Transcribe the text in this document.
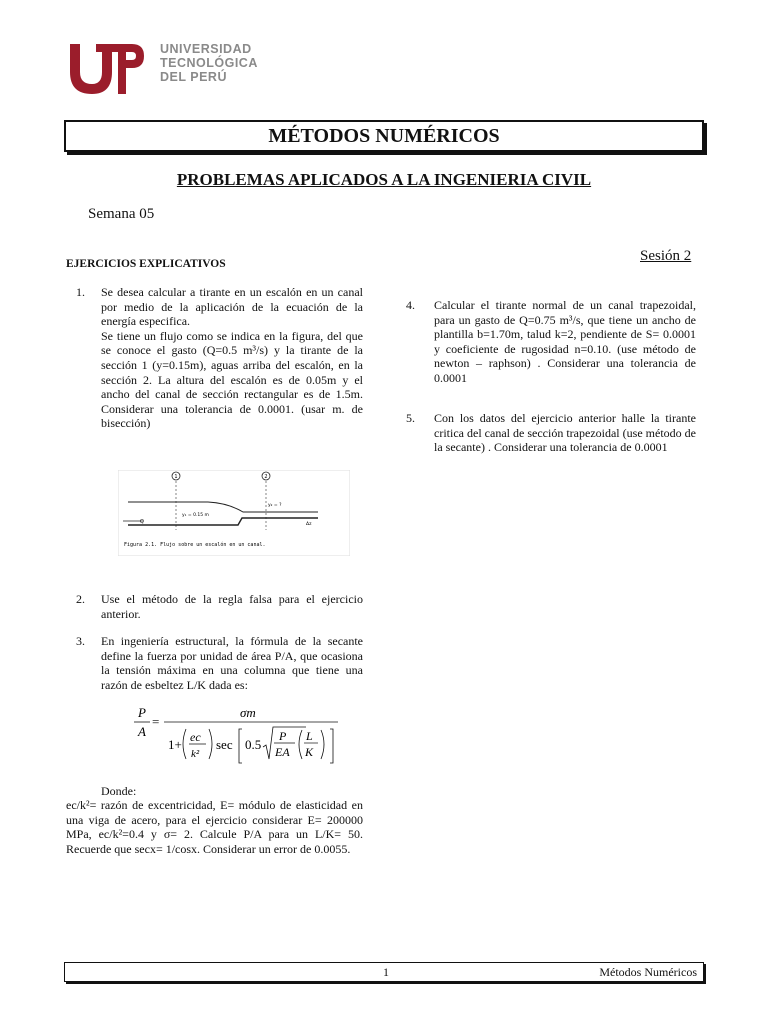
UNIVERSIDAD
TECNOLÓGICA
DEL PERÚ
MÉTODOS NUMÉRICOS
PROBLEMAS APLICADOS A LA INGENIERIA CIVIL
Semana 05
Sesión 2
EJERCICIOS EXPLICATIVOS
1. Se desea calcular a tirante en un escalón en un canal por medio de la aplicación de la ecuación de la energía especifica.
Se tiene un flujo como se indica en la figura, del que se conoce el gasto (Q=0.5 m³/s) y la tirante de la sección 1 (y=0.15m), aguas arriba del escalón, en la sección 2. La altura del escalón es de 0.05m y el ancho del canal de sección rectangular es de 1.5m. Considerar una tolerancia de 0.0001. (usar m. de bisección)
1	2
Q
y₁ = 0.15 m
y₂ = ?
Δz
Figura 2.1. Flujo sobre un escalón en un canal.
2. Use el método de la regla falsa para el ejercicio anterior.
3. En ingeniería estructural, la fórmula de la secante define la fuerza por unidad de área P/A, que ocasiona la tensión máxima en una columna que tiene una razón de esbeltez L/K dada es:
P
A
=
σm
1+ ec
k²
sec 0.5
P
EA
L
K
Donde:
ec/k²= razón de excentricidad, E= módulo de elasticidad en una viga de acero, para el ejercicio considerar E= 200000 MPa, ec/k²=0.4 y σ= 2. Calcule P/A para un L/K= 50. Recuerde que secx= 1/cosx. Considerar un error de 0.0055.
4. Calcular el tirante normal de un canal trapezoidal, para un gasto de Q=0.75 m³/s, que tiene un ancho de plantilla b=1.70m, talud k=2, pendiente de S= 0.0001 y coeficiente de rugosidad n=0.10. (use método de newton – raphson) . Considerar una tolerancia de 0.0001
5. Con los datos del ejercicio anterior halle la tirante critica del canal de sección trapezoidal (use método de la secante) . Considerar una tolerancia de 0.0001
1	Métodos Numéricos
